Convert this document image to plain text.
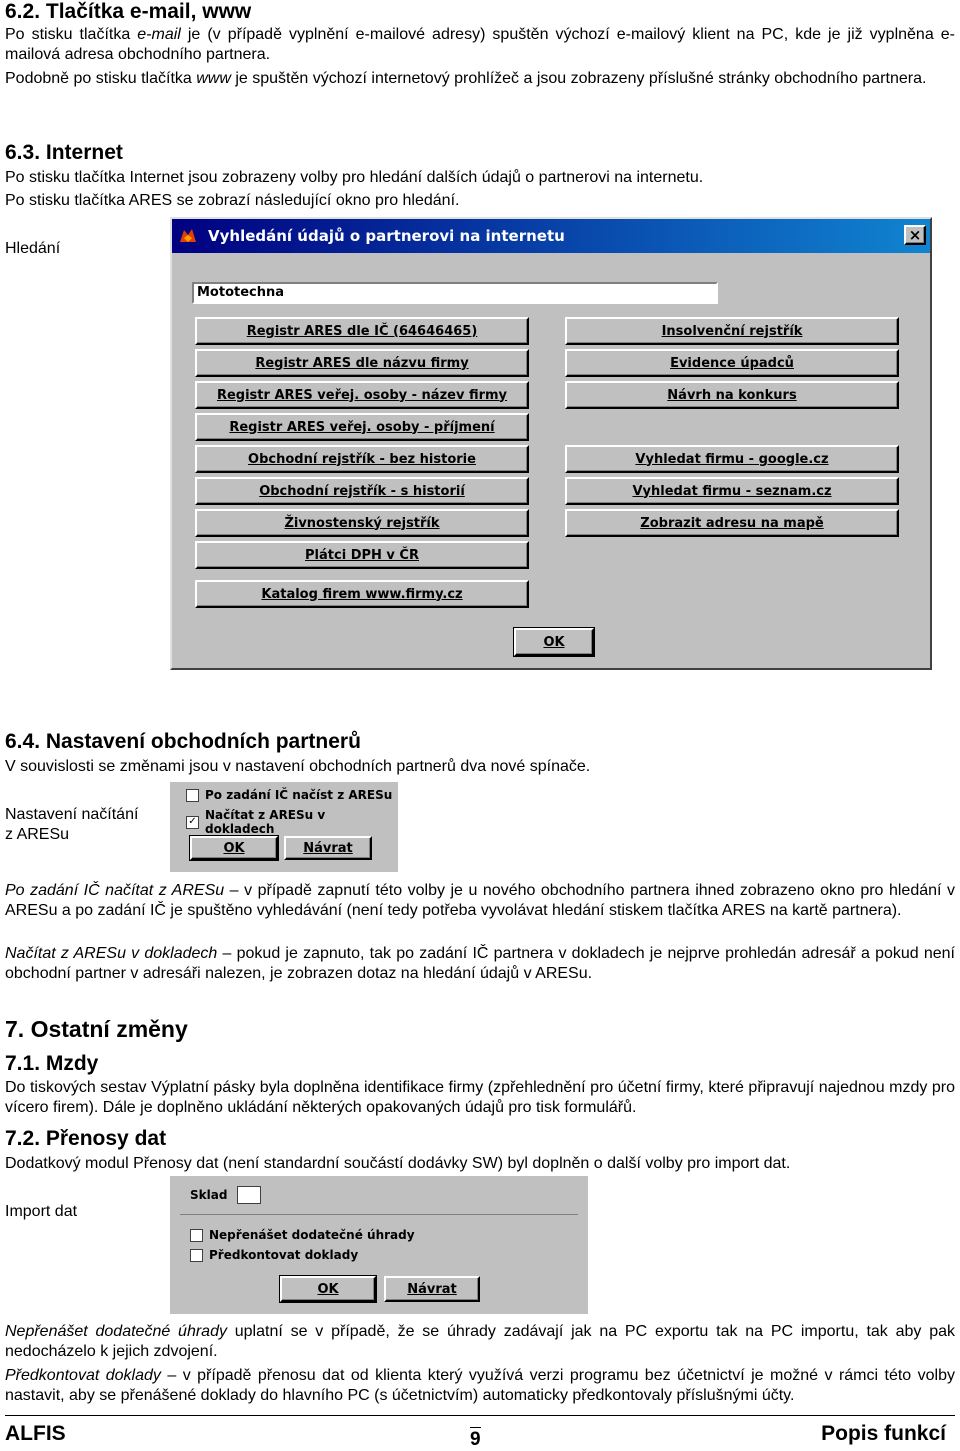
6.2. Tlačítka e-mail, www
Po stisku tlačítka e-mail je (v případě vyplnění e-mailové adresy) spuštěn výchozí e-mailový klient na PC, kde je již vyplněna e-mailová adresa obchodního partnera.
Podobně po stisku tlačítka www je spuštěn výchozí internetový prohlížeč a jsou zobrazeny příslušné stránky obchodního partnera.
6.3. Internet
Po stisku tlačítka Internet jsou zobrazeny volby pro hledání dalších údajů o partnerovi na internetu.
Po stisku tlačítka ARES se zobrazí následující okno pro hledání.
Hledání
Vyhledání údajů o partnerovi na internetu	×
Mototechna
Registr ARES dle IČ (64646465)
Registr ARES dle názvu firmy
Registr ARES veřej. osoby - název firmy
Registr ARES veřej. osoby - příjmení
Obchodní rejstřík - bez historie
Obchodní rejstřík - s historií
Živnostenský rejstřík
Plátci DPH v ČR
Katalog firem www.firmy.cz
Insolvenční rejstřík
Evidence úpadců
Návrh na konkurs
Vyhledat firmu - google.cz
Vyhledat firmu - seznam.cz
Zobrazit adresu na mapě
OK
6.4. Nastavení obchodních partnerů
V souvislosti se změnami jsou v nastavení obchodních partnerů dva nové spínače.
Nastavení načítání
z ARESu
Po zadání IČ načíst z ARESu
✓ Načítat z ARESu v dokladech
OK	Návrat
Po zadání IČ načítat z ARESu – v případě zapnutí této volby je u nového obchodního partnera ihned zobrazeno okno pro hledání v ARESu a po zadání IČ je spuštěno vyhledávání (není tedy potřeba vyvolávat hledání stiskem tlačítka ARES na kartě partnera).
Načítat z ARESu v dokladech – pokud je zapnuto, tak po zadání IČ partnera v dokladech je nejprve prohledán adresář a pokud není obchodní partner v adresáři nalezen, je zobrazen dotaz na hledání údajů v ARESu.
7. Ostatní změny
7.1. Mzdy
Do tiskových sestav Výplatní pásky byla doplněna identifikace firmy (zpřehlednění pro účetní firmy, které připravují najednou mzdy pro vícero firem). Dále je doplněno ukládání některých opakovaných údajů pro tisk formulářů.
7.2. Přenosy dat
Dodatkový modul Přenosy dat (není standardní součástí dodávky SW) byl doplněn o další volby pro import dat.
Import dat
Sklad
Nepřenášet dodatečné úhrady
Předkontovat doklady
OK	Návrat
Nepřenášet dodatečné úhrady uplatní se v případě, že se úhrady zadávají jak na PC exportu tak na PC importu, tak aby pak nedocházelo k jejich zdvojení.
Předkontovat doklady – v případě přenosu dat od klienta který využívá verzi programu bez účetnictví je možné v rámci této volby nastavit, aby se přenášené doklady do hlavního PC (s účetnictvím) automaticky předkontovaly příslušnými účty.
ALFIS	9	Popis funkcí
